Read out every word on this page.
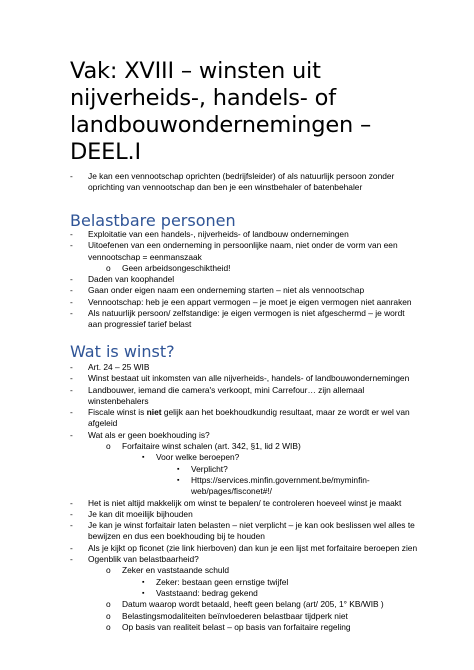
Vak: XVIII – winsten uit nijverheids-, handels- of landbouwondernemingen – DEEL.I
- Je kan een vennootschap oprichten (bedrijfsleider) of als natuurlijk persoon zonder oprichting van vennootschap dan ben je een winstbehaler of batenbehaler
Belastbare personen
- Exploitatie van een handels-, nijverheids- of landbouw ondernemingen
- Uitoefenen van een onderneming in persoonlijke naam, niet onder de vorm van een vennootschap = eenmanszaak
o Geen arbeidsongeschiktheid!
- Daden van koophandel
- Gaan onder eigen naam een onderneming starten – niet als vennootschap
- Vennootschap: heb je een appart vermogen – je moet je eigen vermogen niet aanraken
- Als natuurlijk persoon/ zelfstandige: je eigen vermogen is niet afgeschermd – je wordt aan progressief tarief belast
Wat is winst?
- Art. 24 – 25 WIB
- Winst bestaat uit inkomsten van alle nijverheids-, handels- of landbouwondernemingen
- Landbouwer, iemand die camera's verkoopt, mini Carrefour… zijn allemaal winstenbehalers
- Fiscale winst is niet gelijk aan het boekhoudkundig resultaat, maar ze wordt er wel van afgeleid
- Wat als er geen boekhouding is?
o Forfaitaire winst schalen (art. 342, §1, lid 2 WIB)
▪ Voor welke beroepen?
▪ Verplicht?
▪ Https://services.minfin.government.be/myminfin-web/pages/fisconet#!/
- Het is niet altijd makkelijk om winst te bepalen/ te controleren hoeveel winst je maakt
- Je kan dit moeilijk bijhouden
- Je kan je winst forfaitair laten belasten – niet verplicht – je kan ook beslissen wel alles te bewijzen en dus een boekhouding bij te houden
- Als je kijkt op ficonet (zie link hierboven) dan kun je een lijst met forfaitaire beroepen zien
- Ogenblik van belastbaarheid?
o Zeker en vaststaande schuld
▪ Zeker: bestaan geen ernstige twijfel
▪ Vaststaand: bedrag gekend
o Datum waarop wordt betaald, heeft geen belang (art/ 205, 1° KB/WIB )
o Belastingsmodaliteiten beïnvloederen belastbaar tijdperk niet
o Op basis van realiteit belast – op basis van forfaitaire regeling
